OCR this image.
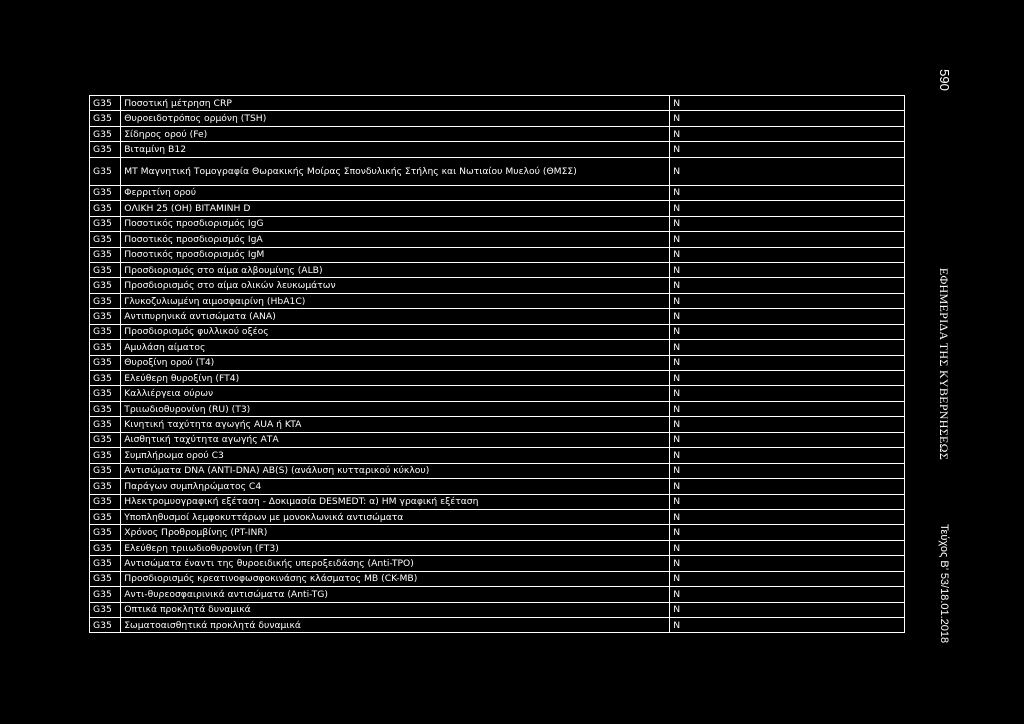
G35	Ποσοτική μέτρηση CRP	N
G35	Θυροειδοτρόπος ορμόνη (TSH)	N
G35	Σίδηρος ορού (Fe)	N
G35	Βιταμίνη Β12	N
G35	ΜΤ Μαγνητική Τομογραφία Θωρακικής Μοίρας Σπονδυλικής Στήλης και Νωτιαίου Μυελού (ΘΜΣΣ)	N
G35	Φερριτίνη ορού	N
G35	ΟΛΙΚΗ 25 (ΟΗ) ΒΙΤΑΜΙΝΗ D	N
G35	Ποσοτικός προσδιορισμός IgG	N
G35	Ποσοτικός προσδιορισμός IgA	N
G35	Ποσοτικός προσδιορισμός IgM	N
G35	Προσδιορισμός στο αίμα αλβουμίνης (ALB)	N
G35	Προσδιορισμός στο αίμα ολικών λευκωμάτων	N
G35	Γλυκοζυλιωμένη αιμοσφαιρίνη (HbA1C)	N
G35	Αντιπυρηνικά αντισώματα (ANA)	N
G35	Προσδιορισμός φυλλικού οξέος	N
G35	Αμυλάση αίματος	N
G35	Θυροξίνη ορού (T4)	N
G35	Ελεύθερη θυροξίνη (FT4)	N
G35	Καλλιέργεια ούρων	N
G35	Τριιωδιοθυρονίνη (RU) (T3)	N
G35	Κινητική ταχύτητα αγωγής AUA ή KTA	N
G35	Αισθητική ταχύτητα αγωγής ΑΤΑ	N
G35	Συμπλήρωμα ορού C3	N
G35	Αντισώματα DNA (ANTI-DNA) AB(S) (ανάλυση κυτταρικού κύκλου)	N
G35	Παράγων συμπληρώματος C4	N
G35	Ηλεκτρομυογραφική εξέταση - Δοκιμασία DESMEDT: α) HM γραφική εξέταση	N
G35	Υποπληθυσμοί λεμφοκυττάρων με μονοκλωνικά αντισώματα	N
G35	Χρόνος Προθρομβίνης (PT-INR)	N
G35	Ελεύθερη τριιωδιοθυρονίνη (FT3)	N
G35	Αντισώματα έναντι της θυροειδικής υπεροξειδάσης (Anti-TPO)	N
G35	Προσδιορισμός κρεατινοφωσφοκινάσης κλάσματος MB (CK-MB)	N
G35	Αντι-θυρεοσφαιρινικά αντισώματα (Anti-TG)	N
G35	Οπτικά προκλητά δυναμικά	N
G35	Σωματοαισθητικά προκλητά δυναμικά	N
590
ΕΦΗΜΕΡΙΔΑ ΤΗΣ ΚΥΒΕΡΝΗΣΕΩΣ
Τεύχος Β’ 53/18.01.2018
